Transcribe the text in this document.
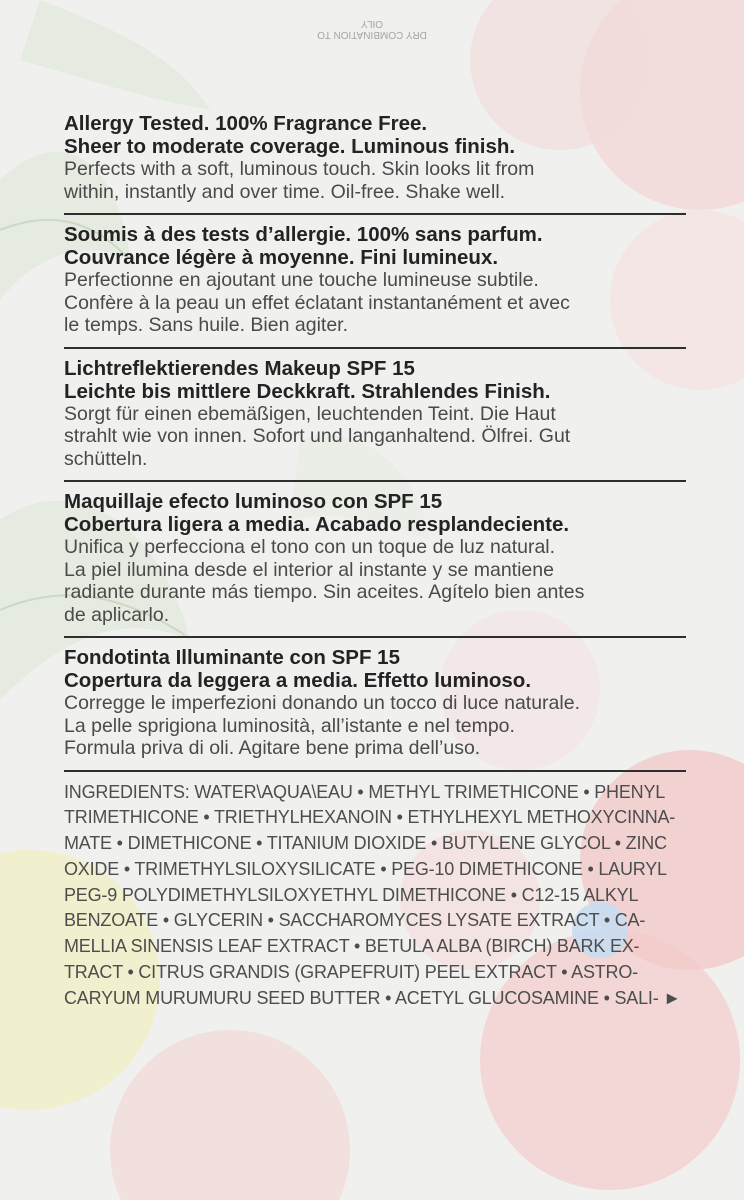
DRY COMBINATION TO
OILY

Allergy Tested. 100% Fragrance Free.

Sheer to moderate coverage. Luminous finish.

Perfects with a soft, luminous touch. Skin looks lit from

within, instantly and over time. Oil-free. Shake well.

Soumis à des tests d’allergie. 100% sans parfum.

Couvrance légère à moyenne. Fini lumineux.

Perfectionne en ajoutant une touche lumineuse subtile.

Confère à la peau un effet éclatant instantanément et avec

le temps. Sans huile. Bien agiter.

Lichtreflektierendes Makeup SPF 15

Leichte bis mittlere Deckkraft. Strahlendes Finish.

Sorgt für einen ebemäßigen, leuchtenden Teint. Die Haut

strahlt wie von innen. Sofort und langanhaltend. Ölfrei. Gut

schütteln.

Maquillaje efecto luminoso con SPF 15

Cobertura ligera a media. Acabado resplandeciente.

Unifica y perfecciona el tono con un toque de luz natural.

La piel ilumina desde el interior al instante y se mantiene

radiante durante más tiempo. Sin aceites. Agítelo bien antes

de aplicarlo.

Fondotinta Illuminante con SPF 15

Copertura da leggera a media. Effetto luminoso.

Corregge le imperfezioni donando un tocco di luce naturale.

La pelle sprigiona luminosità, all’istante e nel tempo.

Formula priva di oli. Agitare bene prima dell’uso.

INGREDIENTS: WATER\AQUA\EAU • METHYL TRIMETHICONE • PHENYL

TRIMETHICONE • TRIETHYLHEXANOIN • ETHYLHEXYL METHOXYCINNA-

MATE • DIMETHICONE • TITANIUM DIOXIDE • BUTYLENE GLYCOL • ZINC

OXIDE • TRIMETHYLSILOXYSILICATE • PEG-10 DIMETHICONE • LAURYL

PEG-9 POLYDIMETHYLSILOXYETHYL DIMETHICONE • C12-15 ALKYL

BENZOATE • GLYCERIN • SACCHAROMYCES LYSATE EXTRACT • CA-

MELLIA SINENSIS LEAF EXTRACT • BETULA ALBA (BIRCH) BARK EX-

TRACT • CITRUS GRANDIS (GRAPEFRUIT) PEEL EXTRACT • ASTRO-

CARYUM MURUMURU SEED BUTTER • ACETYL GLUCOSAMINE • SALI- ►
